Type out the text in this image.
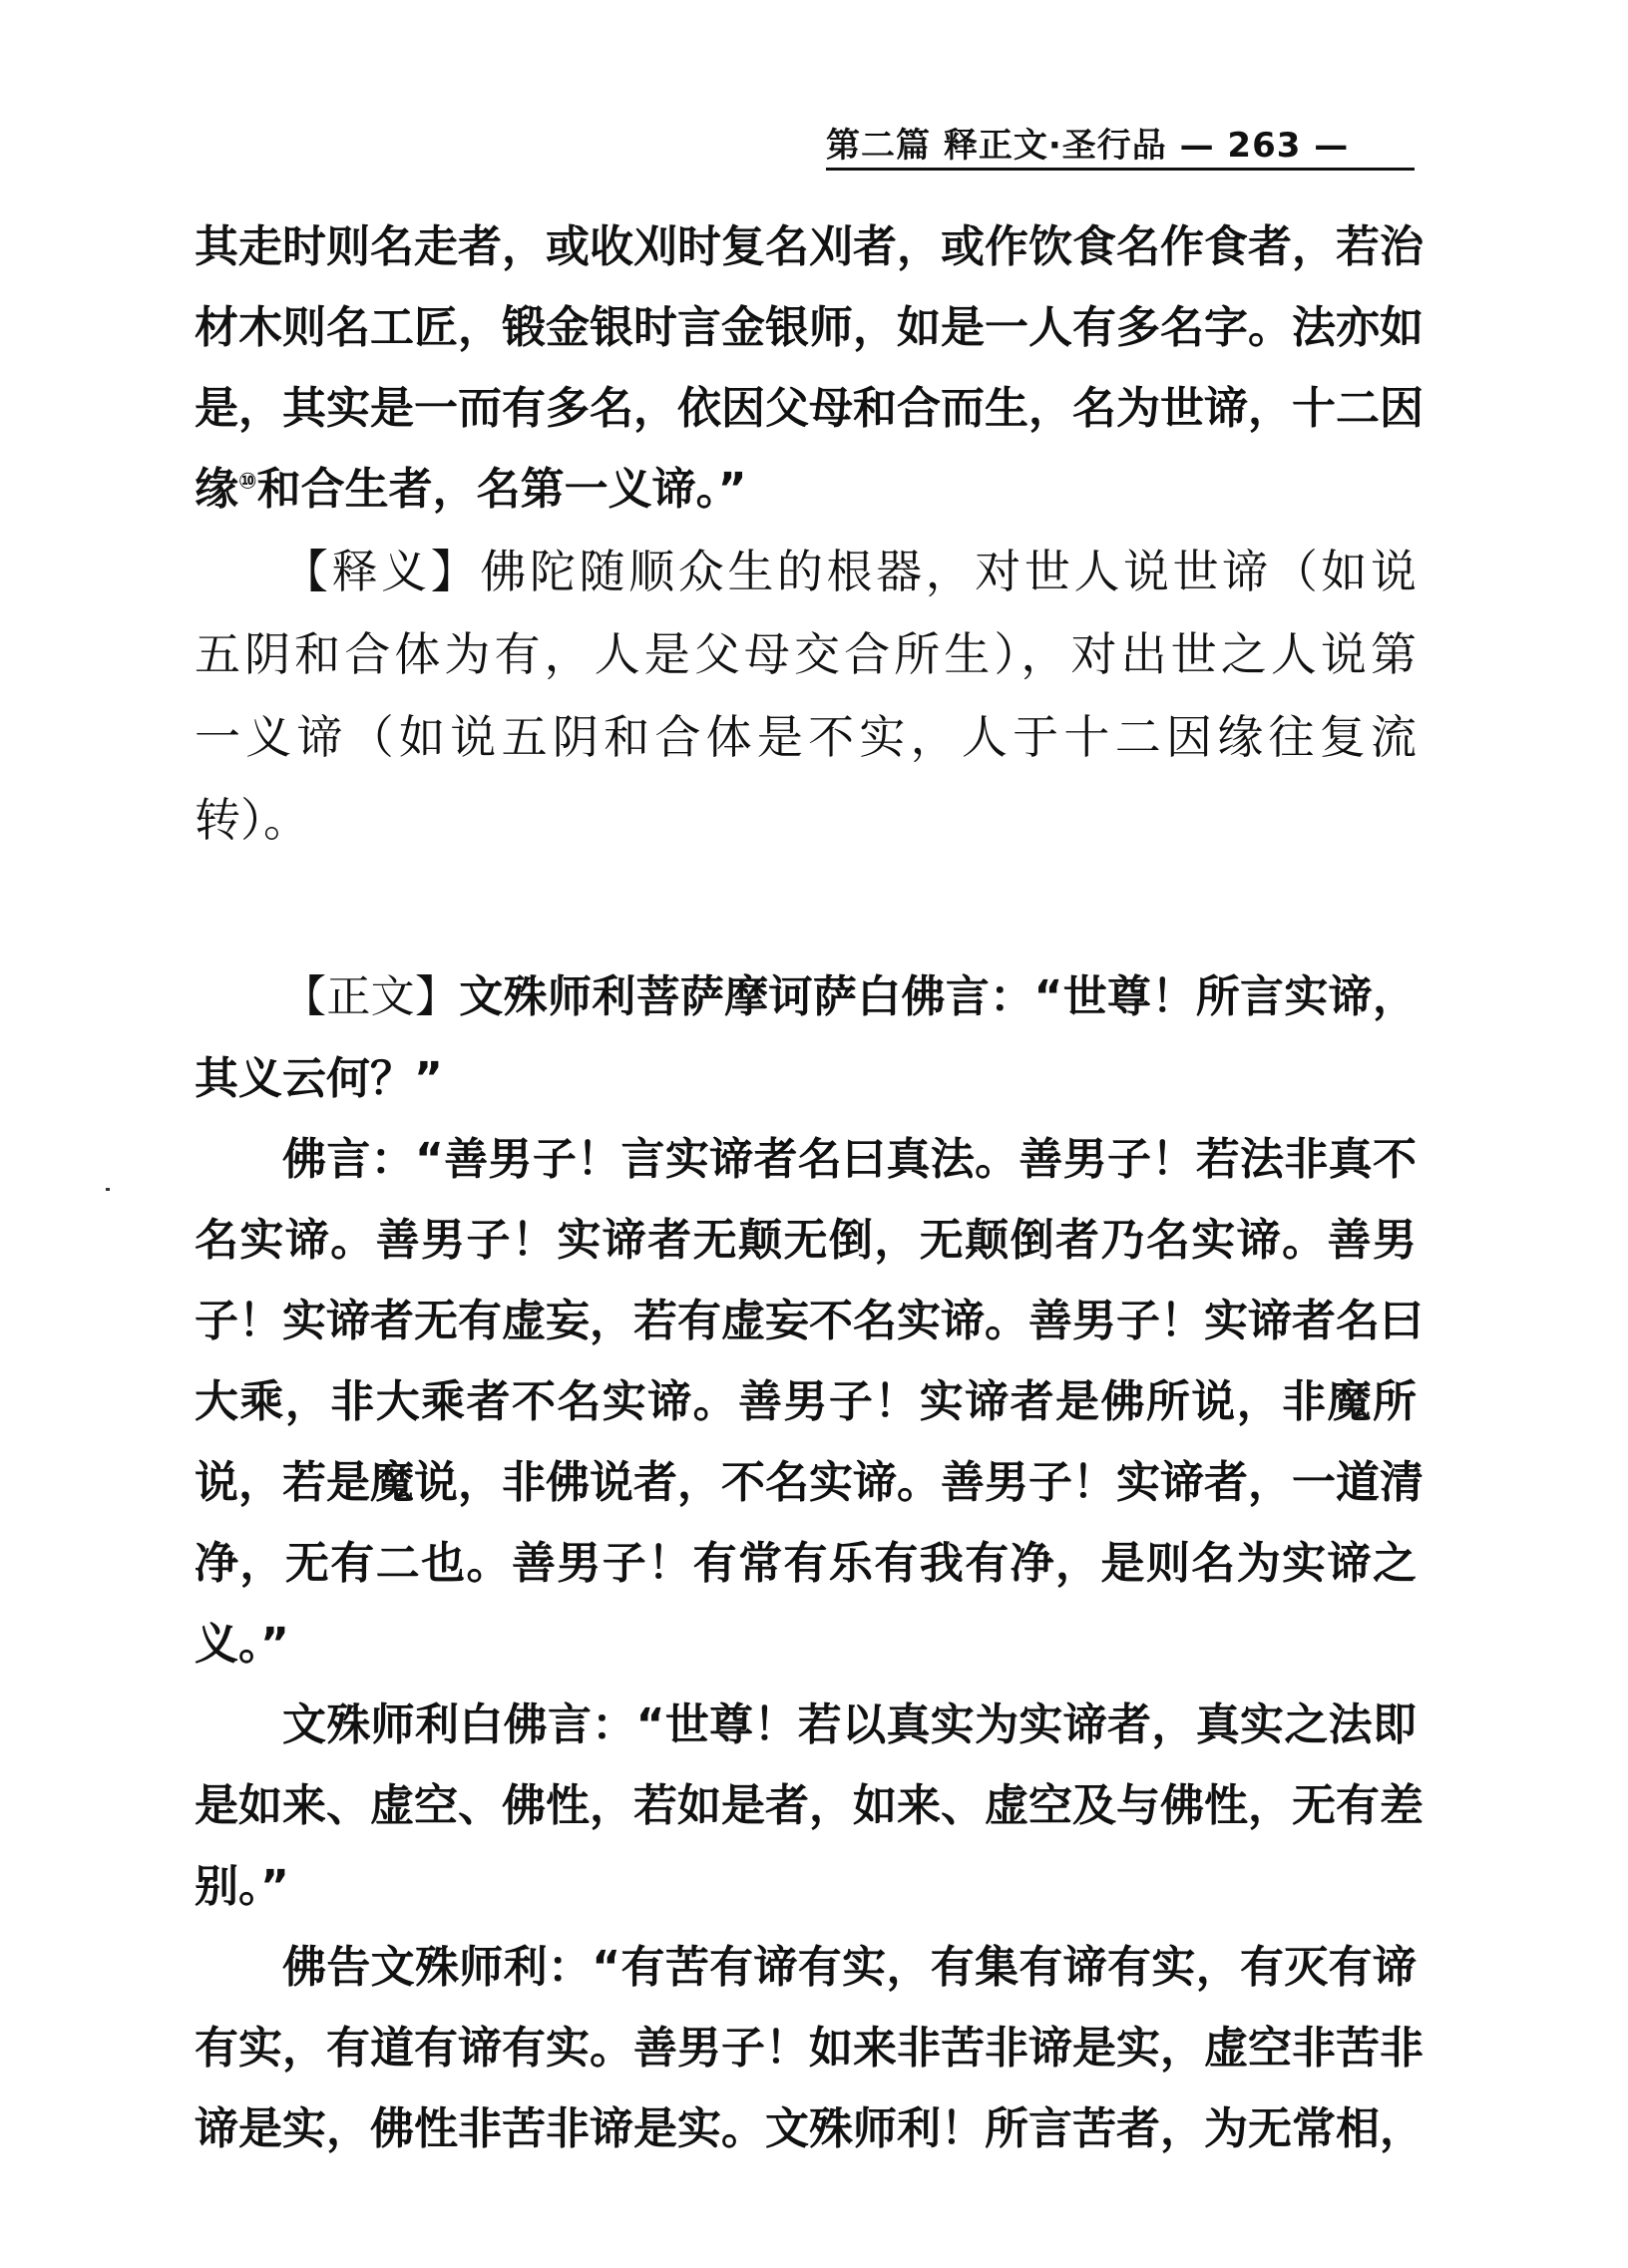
第二篇 释正文·圣行品 — 263 —
其走时则名走者，或收刈时复名刈者，或作饮食名作食者，若治
材木则名工匠，锻金银时言金银师，如是一人有多名字。法亦如
是，其实是一而有多名，依因父母和合而生，名为世谛，十二因
缘⑩和合生者，名第一义谛。”
【释义】佛陀随顺众生的根器，对世人说世谛（如说
五阴和合体为有，人是父母交合所生），对出世之人说第
一义谛（如说五阴和合体是不实，人于十二因缘往复流
转）。
【正文】文殊师利菩萨摩诃萨白佛言：“世尊！所言实谛，
其义云何？”
佛言：“善男子！言实谛者名曰真法。善男子！若法非真不
名实谛。善男子！实谛者无颠无倒，无颠倒者乃名实谛。善男
子！实谛者无有虚妄，若有虚妄不名实谛。善男子！实谛者名曰
大乘，非大乘者不名实谛。善男子！实谛者是佛所说，非魔所
说，若是魔说，非佛说者，不名实谛。善男子！实谛者，一道清
净，无有二也。善男子！有常有乐有我有净，是则名为实谛之
义。”
文殊师利白佛言：“世尊！若以真实为实谛者，真实之法即
是如来、虚空、佛性，若如是者，如来、虚空及与佛性，无有差
别。”
佛告文殊师利：“有苦有谛有实，有集有谛有实，有灭有谛
有实，有道有谛有实。善男子！如来非苦非谛是实，虚空非苦非
谛是实，佛性非苦非谛是实。文殊师利！所言苦者，为无常相，
